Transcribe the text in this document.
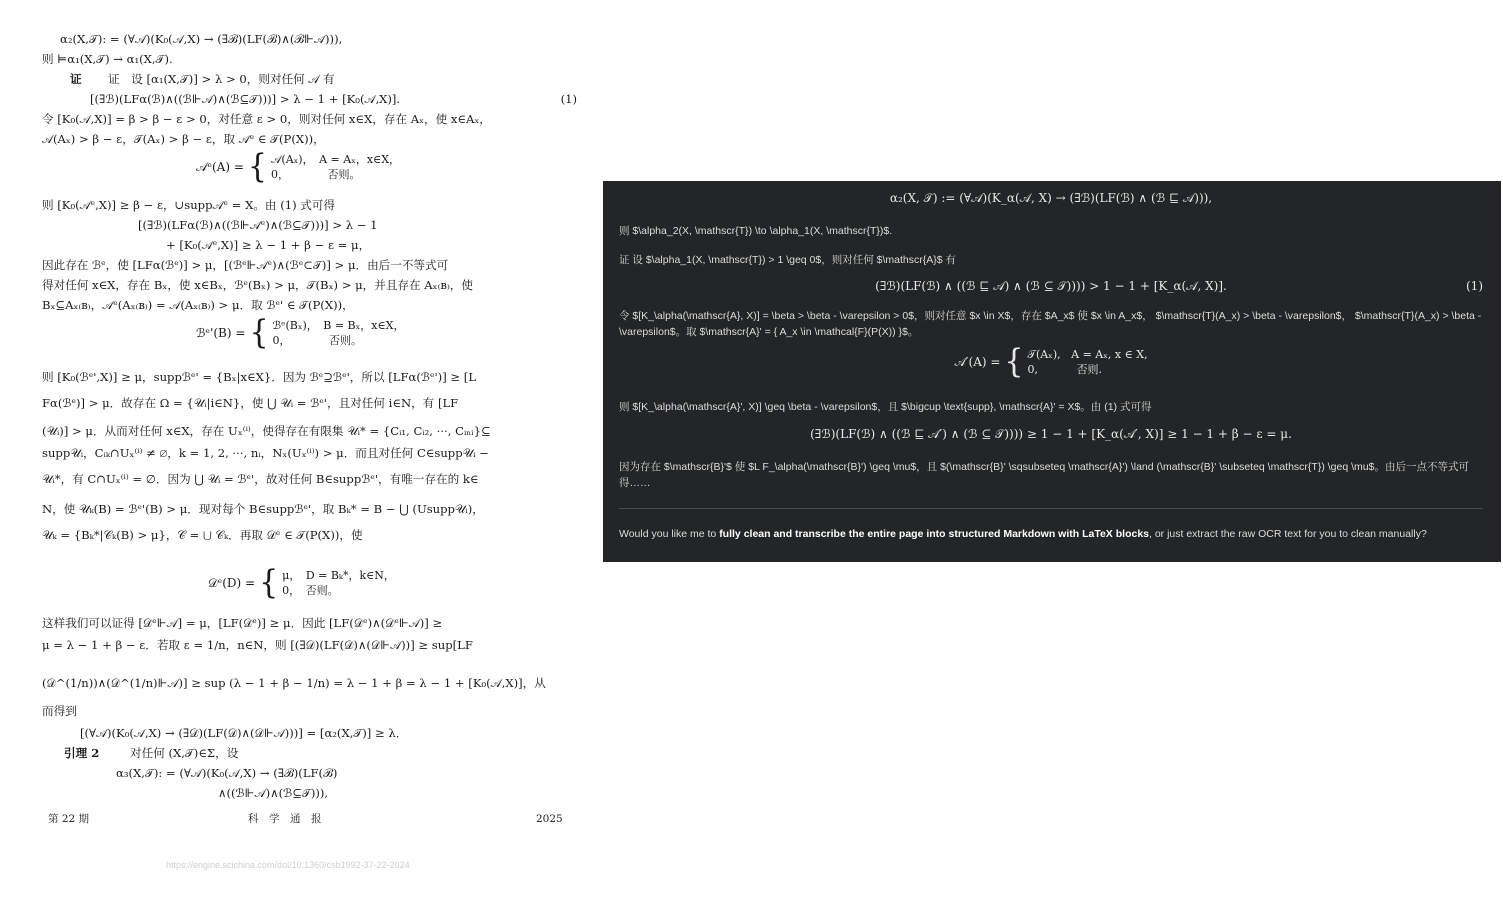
α₂(X,𝒯): = (∀𝒜)(K₀(𝒜,X) → (∃ℬ)(LF(ℬ)∧(ℬ⊩𝒜))),
则 ⊨α₁(X,𝒯) → α₁(X,𝒯).
证 证　设 [α₁(X,𝒯)] > λ > 0，则对任何 𝒜 有
[(∃ℬ)(LFα(ℬ)∧((ℬ⊩𝒜)∧(ℬ⊆𝒯)))] > λ − 1 + [K₀(𝒜,X)].	(1)
令 [K₀(𝒜,X)] = β > β − ε > 0，对任意 ε > 0，则对任何 x∈X，存在 Aₓ，使 x∈Aₓ，
𝒜(Aₓ) > β − ε，𝒯(Aₓ) > β − ε，取 𝒜ᵉ ∈ 𝒯(P(X))，
𝒜ᵉ(A) = { 𝒜(Aₓ)，　A = Aₓ，x∈X，
0，　　　　否则。
则 [K₀(𝒜ᵉ,X)] ≥ β − ε，∪supp𝒜ᵉ = X。由 (1) 式可得
[(∃ℬ)(LFα(ℬ)∧((ℬ⊩𝒜ᵉ)∧(ℬ⊆𝒯)))] > λ − 1
+ [K₀(𝒜ᵉ,X)] ≥ λ − 1 + β − ε = μ，
因此存在 ℬᵉ，使 [LFα(ℬᵉ)] > μ，[(ℬᵉ⊩𝒜ᵉ)∧(ℬᵉ⊂𝒯)] > μ．由后一不等式可
得对任何 x∈X，存在 Bₓ，使 x∈Bₓ，ℬᵉ(Bₓ) > μ，𝒯(Bₓ) > μ，并且存在 Aₓ₍ʙ₎，使
Bₓ⊆Aₓ₍ʙ₎，𝒜ᵉ(Aₓ₍ʙ₎) = 𝒜(Aₓ₍ʙ₎) > μ．取 ℬᵉ' ∈ 𝒯(P(X))，
ℬᵉ'(B) = { ℬᵉ(Bₓ)，　B = Bₓ，x∈X，
0，　　　　否则。
则 [K₀(ℬᵉ',X)] ≥ μ，suppℬᵉ' = {Bₓ|x∈X}．因为 ℬᵉ⊇ℬᵉ'，所以 [LFα(ℬᵉ')] ≥ [L
Fα(ℬᵉ)] > μ．故存在 Ω = {𝒰ᵢ|i∈N}，使 ⋃ 𝒰ᵢ = ℬᵉ'，且对任何 i∈N，有 [LF
(𝒰ᵢ)] > μ．从而对任何 x∈X，存在 Uₓ⁽ⁱ⁾，使得存在有限集 𝒰ᵢ* = {Cᵢ₁, Cᵢ₂, ···, Cᵢₙᵢ}⊆
supp𝒰ᵢ，Cᵢₖ∩Uₓ⁽ⁱ⁾ ≠ ∅，k = 1, 2, ···, nᵢ，Nₓ(Uₓ⁽ⁱ⁾) > μ．而且对任何 C∈supp𝒰ᵢ −
𝒰ᵢ*，有 C∩Uₓ⁽ⁱ⁾ = ∅．因为 ⋃ 𝒰ᵢ = ℬᵉ'，故对任何 B∈suppℬᵉ'，有唯一存在的 k∈
N，使 𝒰ₖ(B) = ℬᵉ'(B) > μ．现对每个 B∈suppℬᵉ'，取 Bₖ* = B − ⋃ (Usupp𝒰ᵢ)，
𝒰ₖ = {Bₖ*|𝒞ₖ(B) > μ}，𝒞 = ⋃ 𝒞ₖ．再取 𝒟ᵉ ∈ 𝒯(P(X))，使
𝒟ᵉ(D) = { μ，　D = Bₖ*，k∈N，
0，　否则。
这样我们可以证得 [𝒟ᵉ⊩𝒜] = μ，[LF(𝒟ᵉ)] ≥ μ．因此 [LF(𝒟ᵉ)∧(𝒟ᵉ⊩𝒜)] ≥
μ = λ − 1 + β − ε．若取 ε = 1/n，n∈N，则 [(∃𝒟)(LF(𝒟)∧(𝒟⊩𝒜))] ≥ sup[LF
(𝒟^(1/n))∧(𝒟^(1/n)⊩𝒜)] ≥ sup (λ − 1 + β − 1/n) = λ − 1 + β = λ − 1 + [K₀(𝒜,X)]，从
而得到
[(∀𝒜)(K₀(𝒜,X) → (∃𝒟)(LF(𝒟)∧(𝒟⊩𝒜)))] = [α₂(X,𝒯)] ≥ λ．
引理 2	对任何 (X,𝒯)∈Σ，设
α₃(X,𝒯): = (∀𝒜)(K₀(𝒜,X) → (∃ℬ)(LF(ℬ)
∧((ℬ⊩𝒜)∧(ℬ⊆𝒯))),
第 22 期	科　学　通　报	2025
https://engine.scichina.com/doi/10.1360/csb1992-37-22-2024
α₂(X, 𝒯) := (∀𝒜)(K_α(𝒜, X) → (∃ℬ)(LF(ℬ) ∧ (ℬ ⊑ 𝒜))),
则 $\alpha_2(X, \mathscr{T}) \to \alpha_1(X, \mathscr{T})$.
证 设 $\alpha_1(X, \mathscr{T}) > 1 \geq 0$，则对任何 $\mathscr{A}$ 有
(∃ℬ)(LF(ℬ) ∧ ((ℬ ⊑ 𝒜) ∧ (ℬ ⊆ 𝒯)))) > 1 − 1 + [K_α(𝒜, X)].	(1)
令 $[K_\alpha(\mathscr{A}, X)] = \beta > \beta - \varepsilon > 0$，则对任意 $x \in X$，存在 $A_x$ 使 $x \in A_x$， $\mathscr{T}(A_x) > \beta - \varepsilon$， $\mathscr{T}(A_x) > \beta - \varepsilon$。取 $\mathscr{A}' = { A_x \in \mathcal{F}(P(X)) }$。
𝒜′(A) = { 𝒯(Aₓ), A = Aₓ, x ∈ X,
0,	否则.
则 $[K_\alpha(\mathscr{A}', X)] \geq \beta - \varepsilon$，且 $\bigcup \text{supp}, \mathscr{A}' = X$。由 (1) 式可得
(∃ℬ)(LF(ℬ) ∧ ((ℬ ⊑ 𝒜′) ∧ (ℬ ⊆ 𝒯)))) ≥ 1 − 1 + [K_α(𝒜′, X)] ≥ 1 − 1 + β − ε = μ.
因为存在 $\mathscr{B}'$ 使 $L F_\alpha(\mathscr{B}') \geq \mu$，且 $(\mathscr{B}' \sqsubseteq \mathscr{A}') \land (\mathscr{B}' \subseteq \mathscr{T}) \geq \mu$。由后一点不等式可得……
Would you like me to fully clean and transcribe the entire page into structured Markdown with LaTeX blocks, or just extract the raw OCR text for you to clean manually?
